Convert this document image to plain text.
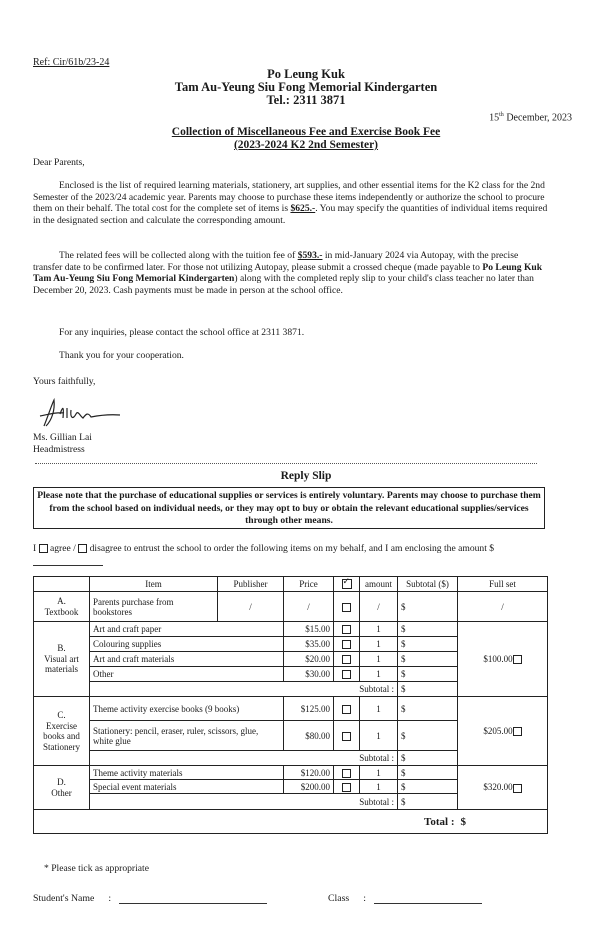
Ref: Cir/61b/23-24
Po Leung Kuk
Tam Au-Yeung Siu Fong Memorial Kindergarten
Tel.: 2311 3871
15th December, 2023
Collection of Miscellaneous Fee and Exercise Book Fee
(2023-2024 K2 2nd Semester)
Dear Parents,
Enclosed is the list of required learning materials, stationery, art supplies, and other essential items for the K2 class for the 2nd Semester of the 2023/24 academic year. Parents may choose to purchase these items independently or authorize the school to procure them on their behalf. The total cost for the complete set of items is $625.-. You may specify the quantities of individual items required in the designated section and calculate the corresponding amount.
The related fees will be collected along with the tuition fee of $593.- in mid-January 2024 via Autopay, with the precise transfer date to be confirmed later. For those not utilizing Autopay, please submit a crossed cheque (made payable to Po Leung Kuk Tam Au-Yeung Siu Fong Memorial Kindergarten) along with the completed reply slip to your child's class teacher no later than December 20, 2023. Cash payments must be made in person at the school office.
For any inquiries, please contact the school office at 2311 3871.
Thank you for your cooperation.
Yours faithfully,
Ms. Gillian Lai
Headmistress
Reply Slip
Please note that the purchase of educational supplies or services is entirely voluntary. Parents may choose to purchase them from the school based on individual needs, or they may opt to buy or obtain the relevant educational supplies/services through other means.
I  agree /  disagree to entrust the school to order the following items on my behalf, and I am enclosing the amount $
	Item	Publisher	Price	✓	amount	Subtotal ($)	Full set
A.
Textbook	Parents purchase from bookstores	/	/		/	$	/
B.
Visual art materials	Art and craft paper		$15.00		1	$	$100.00
	Colouring supplies		$35.00		1	$	
	Art and craft materials		$20.00		1	$	
	Other		$30.00		1	$	
	Subtotal :					$	
C.
Exercise books and Stationery	Theme activity exercise books (9 books)		$125.00		1	$	$205.00
	Stationery: pencil, eraser, ruler, scissors, glue, white glue		$80.00		1	$	
	Subtotal :					$	
D.
Other	Theme activity materials		$120.00		1	$	$320.00
	Special event materials		$200.00		1	$	
	Subtotal :					$	
Total :							$
* Please tick as appropriate
Student's Name :	Class :
